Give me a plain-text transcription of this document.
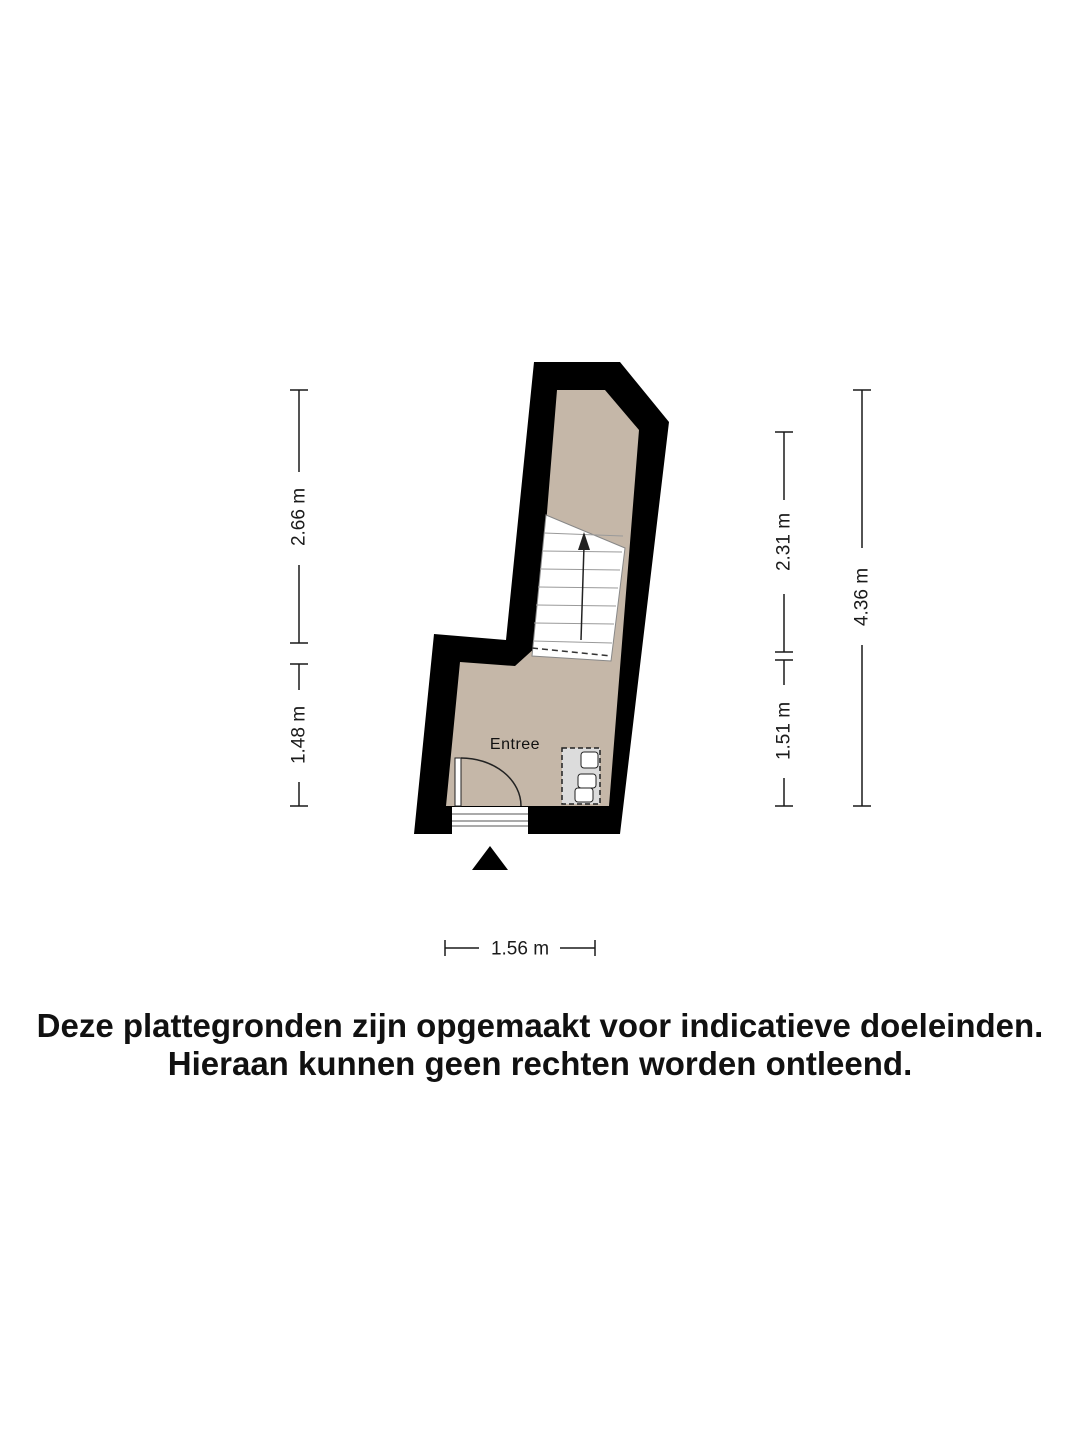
Entree
2.66 m
1.48 m
2.31 m
1.51 m
4.36 m
1.56 m

Deze plattegronden zijn opgemaakt voor indicatieve doeleinden.

Hieraan kunnen geen rechten worden ontleend.
